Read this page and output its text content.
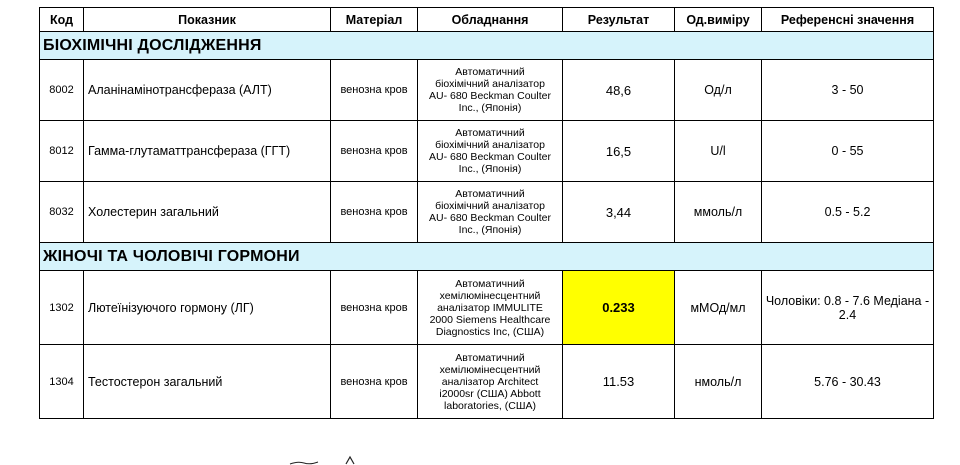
Код	Показник	Матеріал	Обладнання	Результат	Од.виміру	Референсні значення
БІОХІМІЧНІ ДОСЛІДЖЕННЯ						
8002	Аланінамінотрансфераза (АЛТ)	венозна кров	Автоматичний
біохімічний аналізатор
AU- 680 Beckman Coulter
Inc., (Японія)	48,6	Од/л	3 - 50
8012	Гамма-глутаматтрансфераза (ГГТ)	венозна кров	Автоматичний
біохімічний аналізатор
AU- 680 Beckman Coulter
Inc., (Японія)	16,5	U/l	0 - 55
8032	Холестерин загальний	венозна кров	Автоматичний
біохімічний аналізатор
AU- 680 Beckman Coulter
Inc., (Японія)	3,44	ммоль/л	0.5 - 5.2
ЖІНОЧІ ТА ЧОЛОВІЧІ ГОРМОНИ						
1302	Лютеїнізуючого гормону (ЛГ)	венозна кров	Автоматичний
хемілюмінесцентний
аналізатор IMMULITE
2000 Siemens Healthcare
Diagnostics Inc, (США)	0.233	мМОд/мл	Чоловіки: 0.8 - 7.6 Медіана - 2.4
1304	Тестостерон загальний	венозна кров	Автоматичний
хемілюмінесцентний
аналізатор Architect
i2000sr (США) Abbott
laboratories, (США)	11.53	нмоль/л	5.76 - 30.43
